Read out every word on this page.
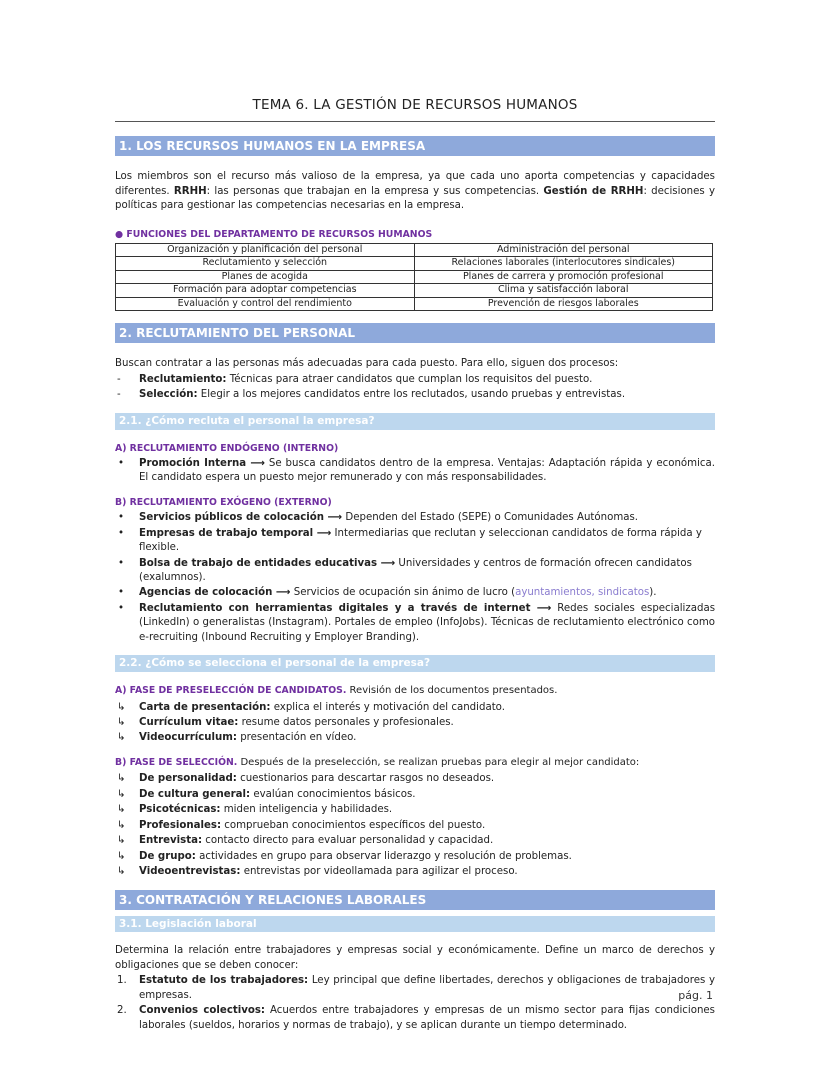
TEMA 6. LA GESTIÓN DE RECURSOS HUMANOS
1. LOS RECURSOS HUMANOS EN LA EMPRESA

Los miembros son el recurso más valioso de la empresa, ya que cada uno aporta competencias y capacidades diferentes. RRHH: las personas que trabajan en la empresa y sus competencias. Gestión de RRHH: decisiones y políticas para gestionar las competencias necesarias en la empresa.

● FUNCIONES DEL DEPARTAMENTO DE RECURSOS HUMANOS
Organización y planificación del personal	Administración del personal
Reclutamiento y selección	Relaciones laborales (interlocutores sindicales)
Planes de acogida	Planes de carrera y promoción profesional
Formación para adoptar competencias	Clima y satisfacción laboral
Evaluación y control del rendimiento	Prevención de riesgos laborales
2. RECLUTAMIENTO DEL PERSONAL

Buscan contratar a las personas más adecuadas para cada puesto. Para ello, siguen dos procesos:

- Reclutamiento: Técnicas para atraer candidatos que cumplan los requisitos del puesto.
- Selección: Elegir a los mejores candidatos entre los reclutados, usando pruebas y entrevistas.
2.1. ¿Cómo recluta el personal la empresa?
A) RECLUTAMIENTO ENDÓGENO (INTERNO)
• Promoción Interna ⟶ Se busca candidatos dentro de la empresa. Ventajas: Adaptación rápida y económica. El candidato espera un puesto mejor remunerado y con más responsabilidades.
B) RECLUTAMIENTO EXÓGENO (EXTERNO)
• Servicios públicos de colocación ⟶ Dependen del Estado (SEPE) o Comunidades Autónomas.
• Empresas de trabajo temporal ⟶ Intermediarias que reclutan y seleccionan candidatos de forma rápida y flexible.
• Bolsa de trabajo de entidades educativas ⟶ Universidades y centros de formación ofrecen candidatos (exalumnos).
• Agencias de colocación ⟶ Servicios de ocupación sin ánimo de lucro (ayuntamientos, sindicatos).
• Reclutamiento con herramientas digitales y a través de internet ⟶ Redes sociales especializadas (LinkedIn) o generalistas (Instagram). Portales de empleo (InfoJobs). Técnicas de reclutamiento electrónico como e-recruiting (Inbound Recruiting y Employer Branding).
2.2. ¿Cómo se selecciona el personal de la empresa?
A) FASE DE PRESELECCIÓN DE CANDIDATOS. Revisión de los documentos presentados.
↳ Carta de presentación: explica el interés y motivación del candidato.
↳ Currículum vitae: resume datos personales y profesionales.
↳ Videocurrículum: presentación en vídeo.
B) FASE DE SELECCIÓN. Después de la preselección, se realizan pruebas para elegir al mejor candidato:
↳ De personalidad: cuestionarios para descartar rasgos no deseados.
↳ De cultura general: evalúan conocimientos básicos.
↳ Psicotécnicas: miden inteligencia y habilidades.
↳ Profesionales: comprueban conocimientos específicos del puesto.
↳ Entrevista: contacto directo para evaluar personalidad y capacidad.
↳ De grupo: actividades en grupo para observar liderazgo y resolución de problemas.
↳ Videoentrevistas: entrevistas por videollamada para agilizar el proceso.
3. CONTRATACIÓN Y RELACIONES LABORALES
3.1. Legislación laboral

Determina la relación entre trabajadores y empresas social y económicamente. Define un marco de derechos y obligaciones que se deben conocer:

1. Estatuto de los trabajadores: Ley principal que define libertades, derechos y obligaciones de trabajadores y empresas.
2. Convenios colectivos: Acuerdos entre trabajadores y empresas de un mismo sector para fijas condiciones laborales (sueldos, horarios y normas de trabajo), y se aplican durante un tiempo determinado.
pág. 1
